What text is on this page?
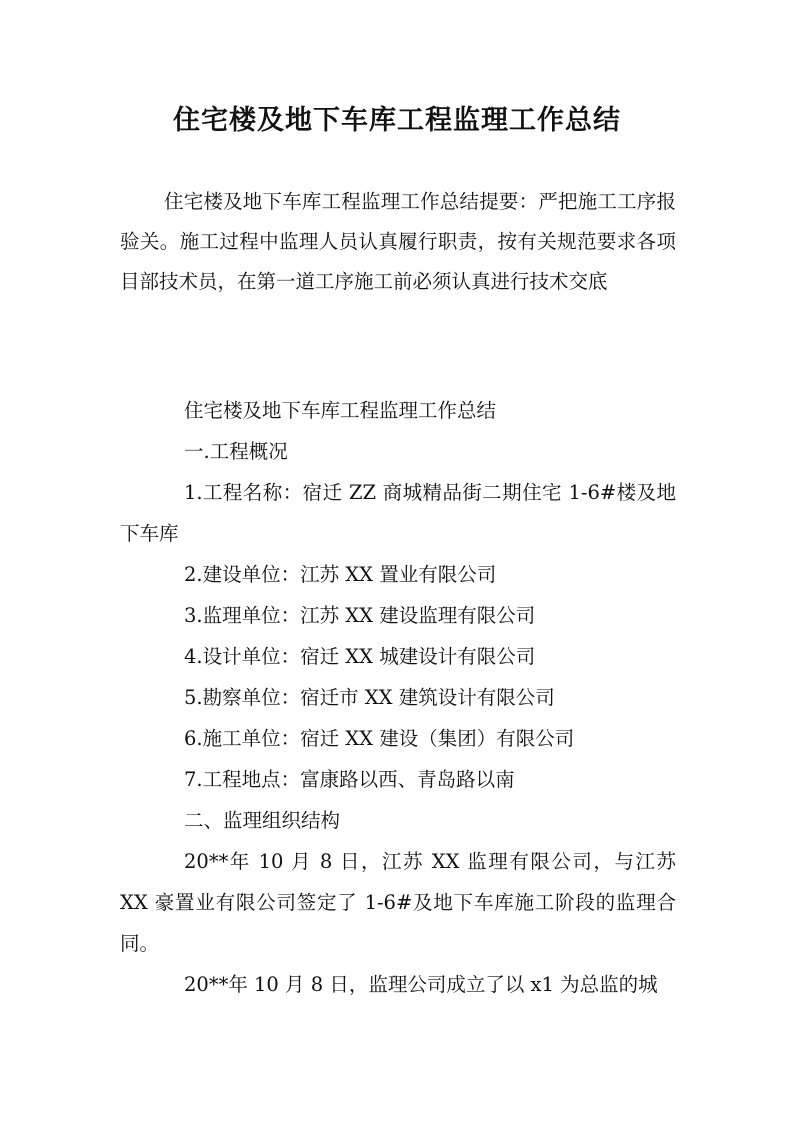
住宅楼及地下车库工程监理工作总结
住宅楼及地下车库工程监理工作总结提要：严把施工工序报验关。施工过程中监理人员认真履行职责，按有关规范要求各项目部技术员，在第一道工序施工前必须认真进行技术交底

住宅楼及地下车库工程监理工作总结

一.工程概况

1.工程名称：宿迁 ZZ 商城精品街二期住宅 1-6#楼及地下车库

2.建设单位：江苏 XX 置业有限公司

3.监理单位：江苏 XX 建设监理有限公司

4.设计单位：宿迁 XX 城建设计有限公司

5.勘察单位：宿迁市 XX 建筑设计有限公司

6.施工单位：宿迁 XX 建设（集团）有限公司

7.工程地点：富康路以西、青岛路以南

二、监理组织结构

20**年 10 月 8 日，江苏 XX 监理有限公司，与江苏 XX 豪置业有限公司签定了 1-6#及地下车库施工阶段的监理合同。

20**年 10 月 8 日，监理公司成立了以 x1 为总监的城
